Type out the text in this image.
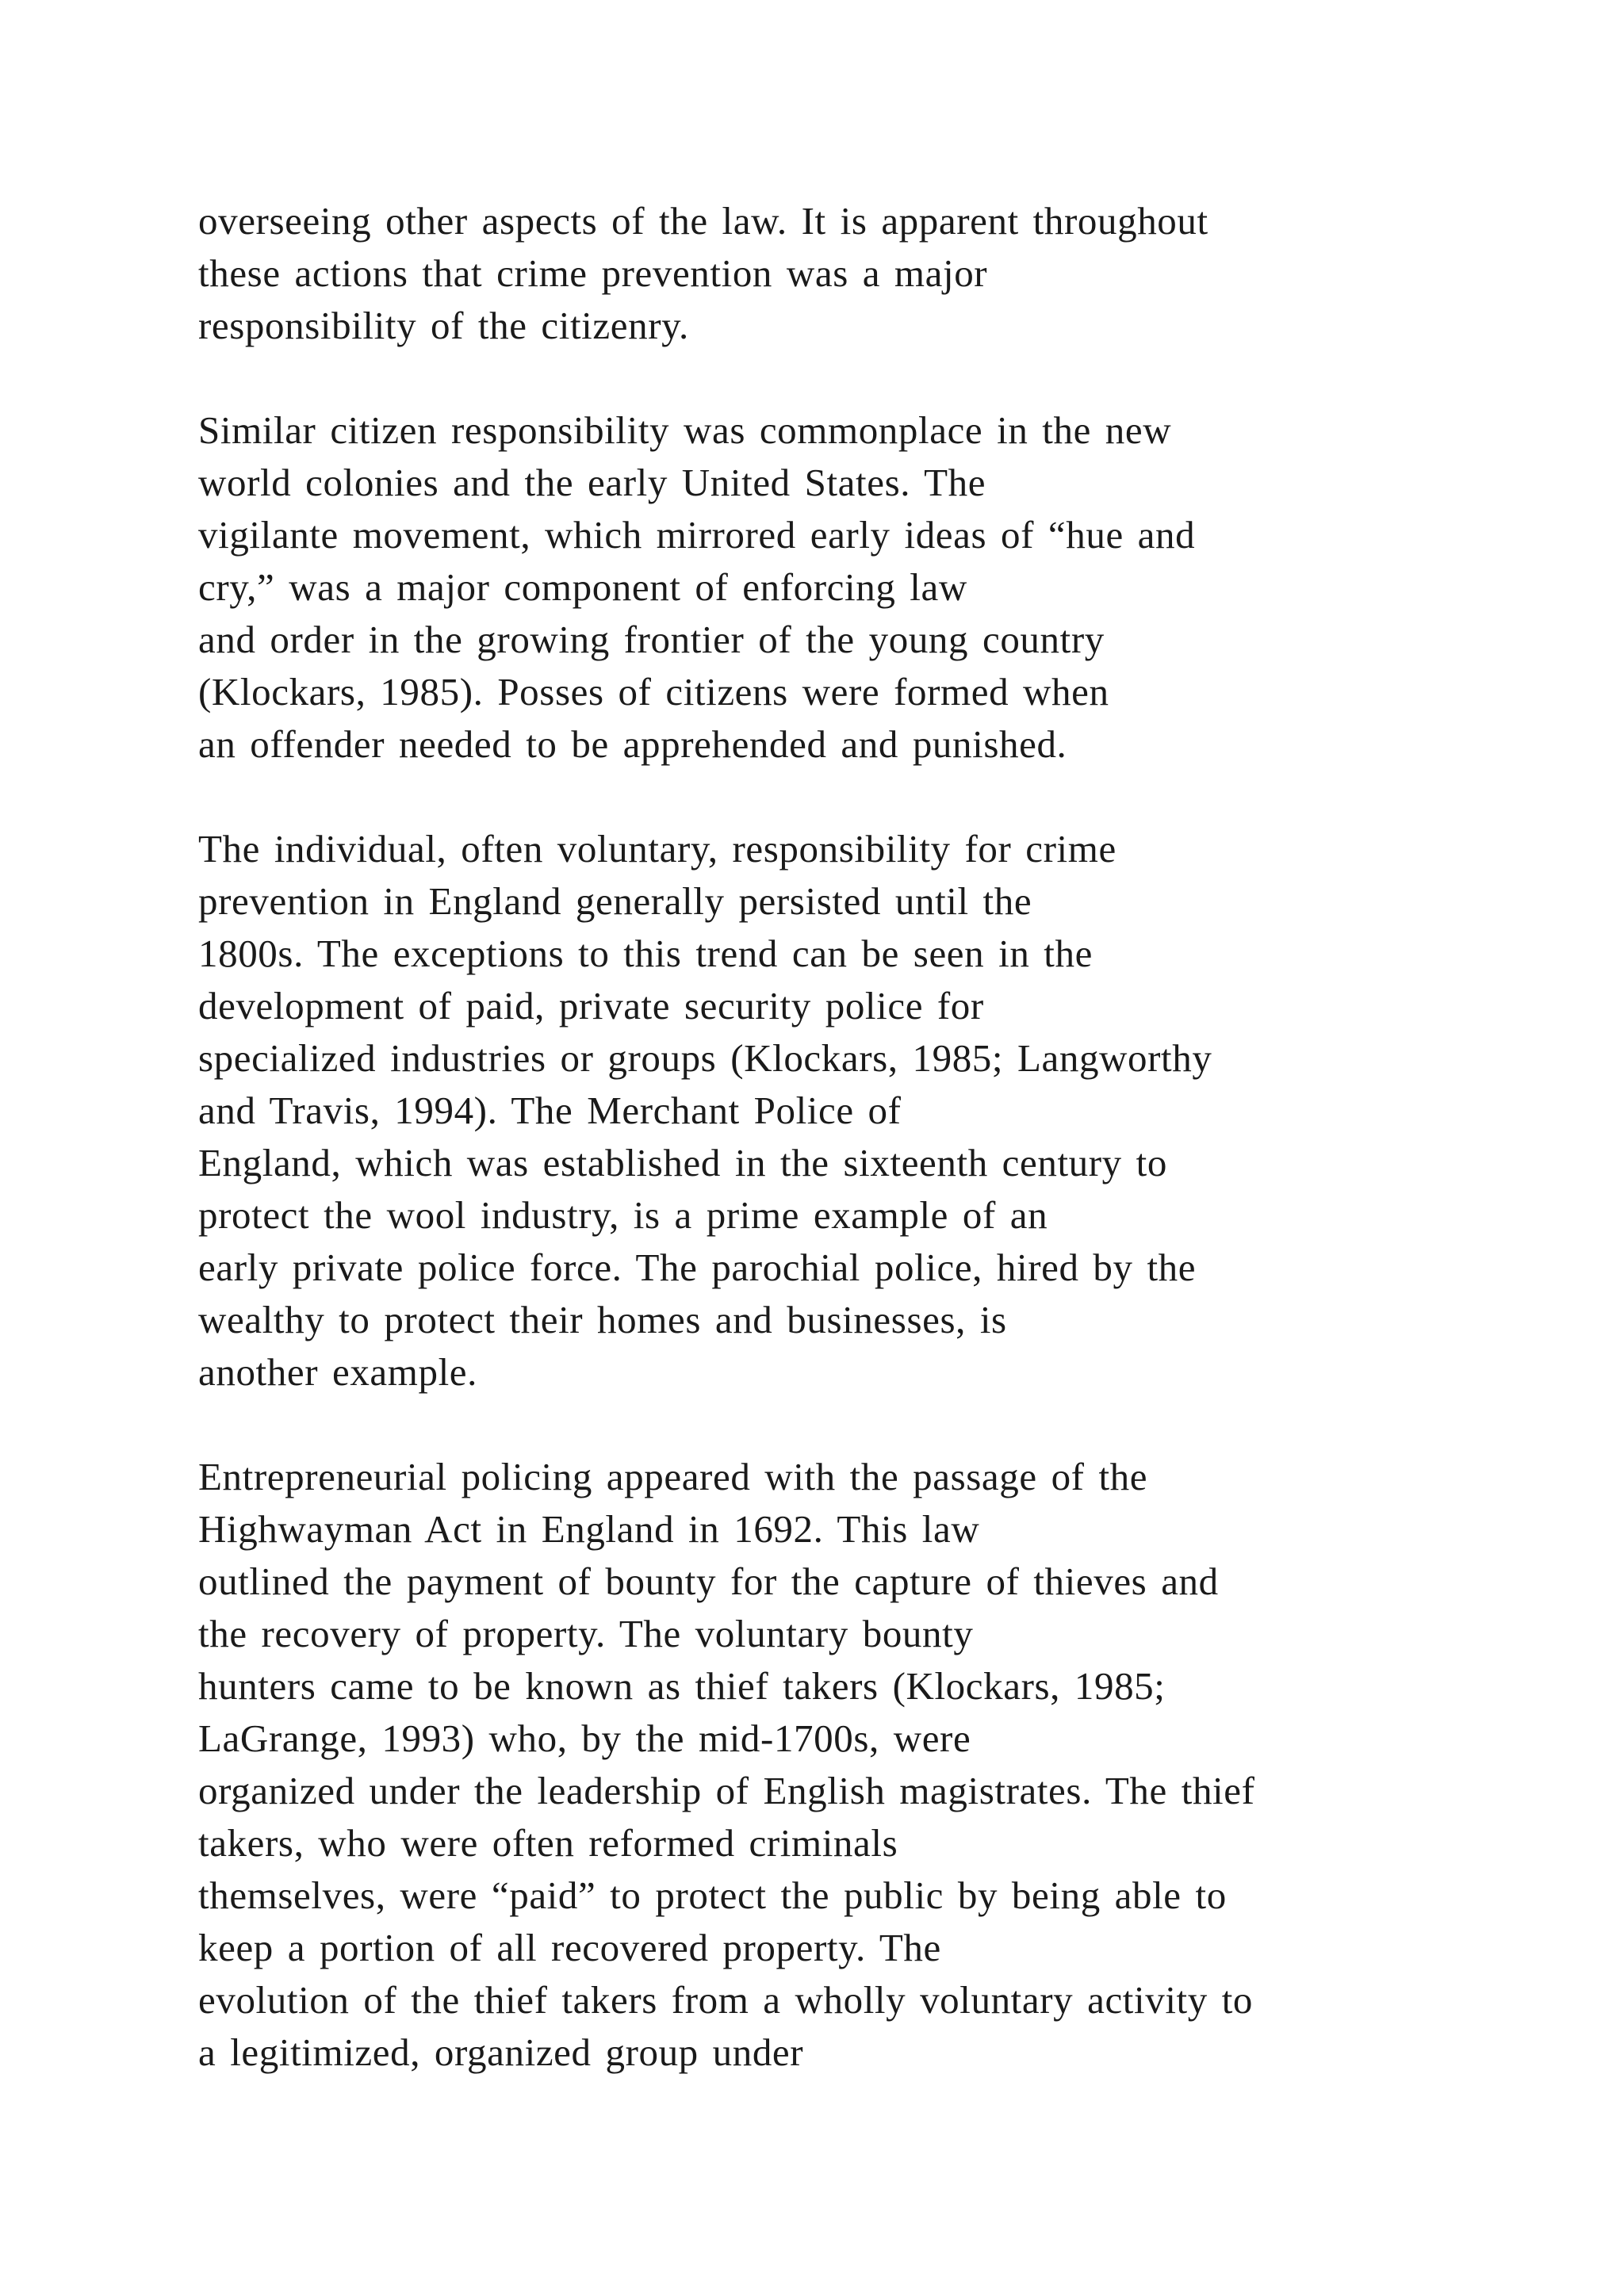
overseeing other aspects of the law. It is apparent throughout
these actions that crime prevention was a major
responsibility of the citizenry.

Similar citizen responsibility was commonplace in the new
world colonies and the early United States. The
vigilante movement, which mirrored early ideas of “hue and
cry,” was a major component of enforcing law
and order in the growing frontier of the young country
(Klockars, 1985). Posses of citizens were formed when
an offender needed to be apprehended and punished.

The individual, often voluntary, responsibility for crime
prevention in England generally persisted until the
1800s. The exceptions to this trend can be seen in the
development of paid, private security police for
specialized industries or groups (Klockars, 1985; Langworthy
and Travis, 1994). The Merchant Police of
England, which was established in the sixteenth century to
protect the wool industry, is a prime example of an
early private police force. The parochial police, hired by the
wealthy to protect their homes and businesses, is
another example.

Entrepreneurial policing appeared with the passage of the
Highwayman Act in England in 1692. This law
outlined the payment of bounty for the capture of thieves and
the recovery of property. The voluntary bounty
hunters came to be known as thief takers (Klockars, 1985;
LaGrange, 1993) who, by the mid-1700s, were
organized under the leadership of English magistrates. The thief
takers, who were often reformed criminals
themselves, were “paid” to protect the public by being able to
keep a portion of all recovered property. The
evolution of the thief takers from a wholly voluntary activity to
a legitimized, organized group under
